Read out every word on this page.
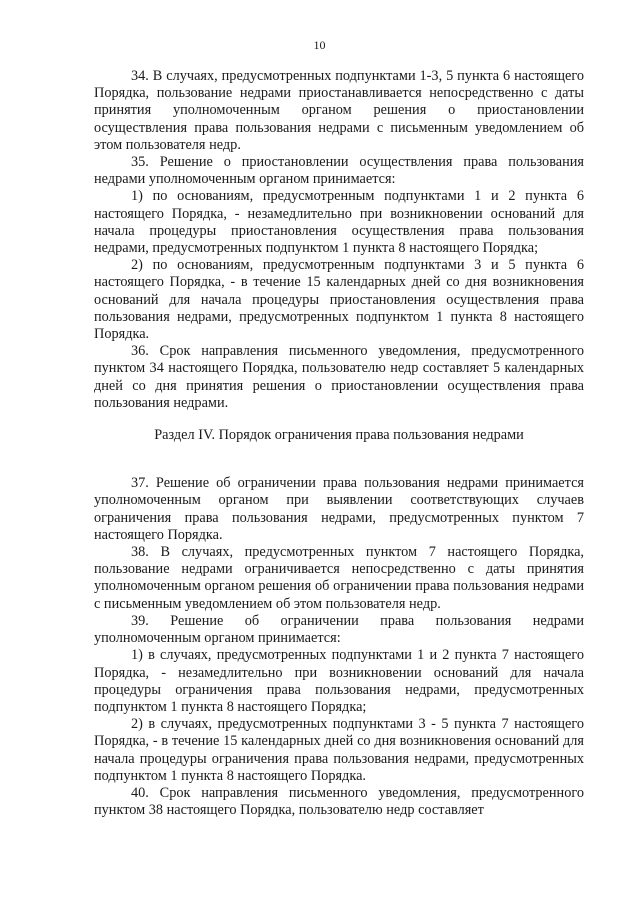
10

34. В случаях, предусмотренных подпунктами 1-3, 5 пункта 6 настоящего Порядка, пользование недрами приостанавливается непосредственно с даты принятия уполномоченным органом решения о приостановлении осуществления права пользования недрами с письменным уведомлением об этом пользователя недр.

35. Решение о приостановлении осуществления права пользования недрами уполномоченным органом принимается:

1) по основаниям, предусмотренным подпунктами 1 и 2 пункта 6 настоящего Порядка, - незамедлительно при возникновении оснований для начала процедуры приостановления осуществления права пользования недрами, предусмотренных подпунктом 1 пункта 8 настоящего Порядка;

2) по основаниям, предусмотренным подпунктами 3 и 5 пункта 6 настоящего Порядка, - в течение 15 календарных дней со дня возникновения оснований для начала процедуры приостановления осуществления права пользования недрами, предусмотренных подпунктом 1 пункта 8 настоящего Порядка.

36. Срок направления письменного уведомления, предусмотренного пунктом 34 настоящего Порядка, пользователю недр составляет 5 календарных дней со дня принятия решения о приостановлении осуществления права пользования недрами.

Раздел IV. Порядок ограничения права пользования недрами

37. Решение об ограничении права пользования недрами принимается уполномоченным органом при выявлении соответствующих случаев ограничения права пользования недрами, предусмотренных пунктом 7 настоящего Порядка.

38. В случаях, предусмотренных пунктом 7 настоящего Порядка, пользование недрами ограничивается непосредственно с даты принятия уполномоченным органом решения об ограничении права пользования недрами с письменным уведомлением об этом пользователя недр.

39. Решение об ограничении права пользования недрами уполномоченным органом принимается:

1) в случаях, предусмотренных подпунктами 1 и 2 пункта 7 настоящего Порядка, - незамедлительно при возникновении оснований для начала процедуры ограничения права пользования недрами, предусмотренных подпунктом 1 пункта 8 настоящего Порядка;

2) в случаях, предусмотренных подпунктами 3 - 5 пункта 7 настоящего Порядка, - в течение 15 календарных дней со дня возникновения оснований для начала процедуры ограничения права пользования недрами, предусмотренных подпунктом 1 пункта 8 настоящего Порядка.

40. Срок направления письменного уведомления, предусмотренного пунктом 38 настоящего Порядка, пользователю недр составляет
